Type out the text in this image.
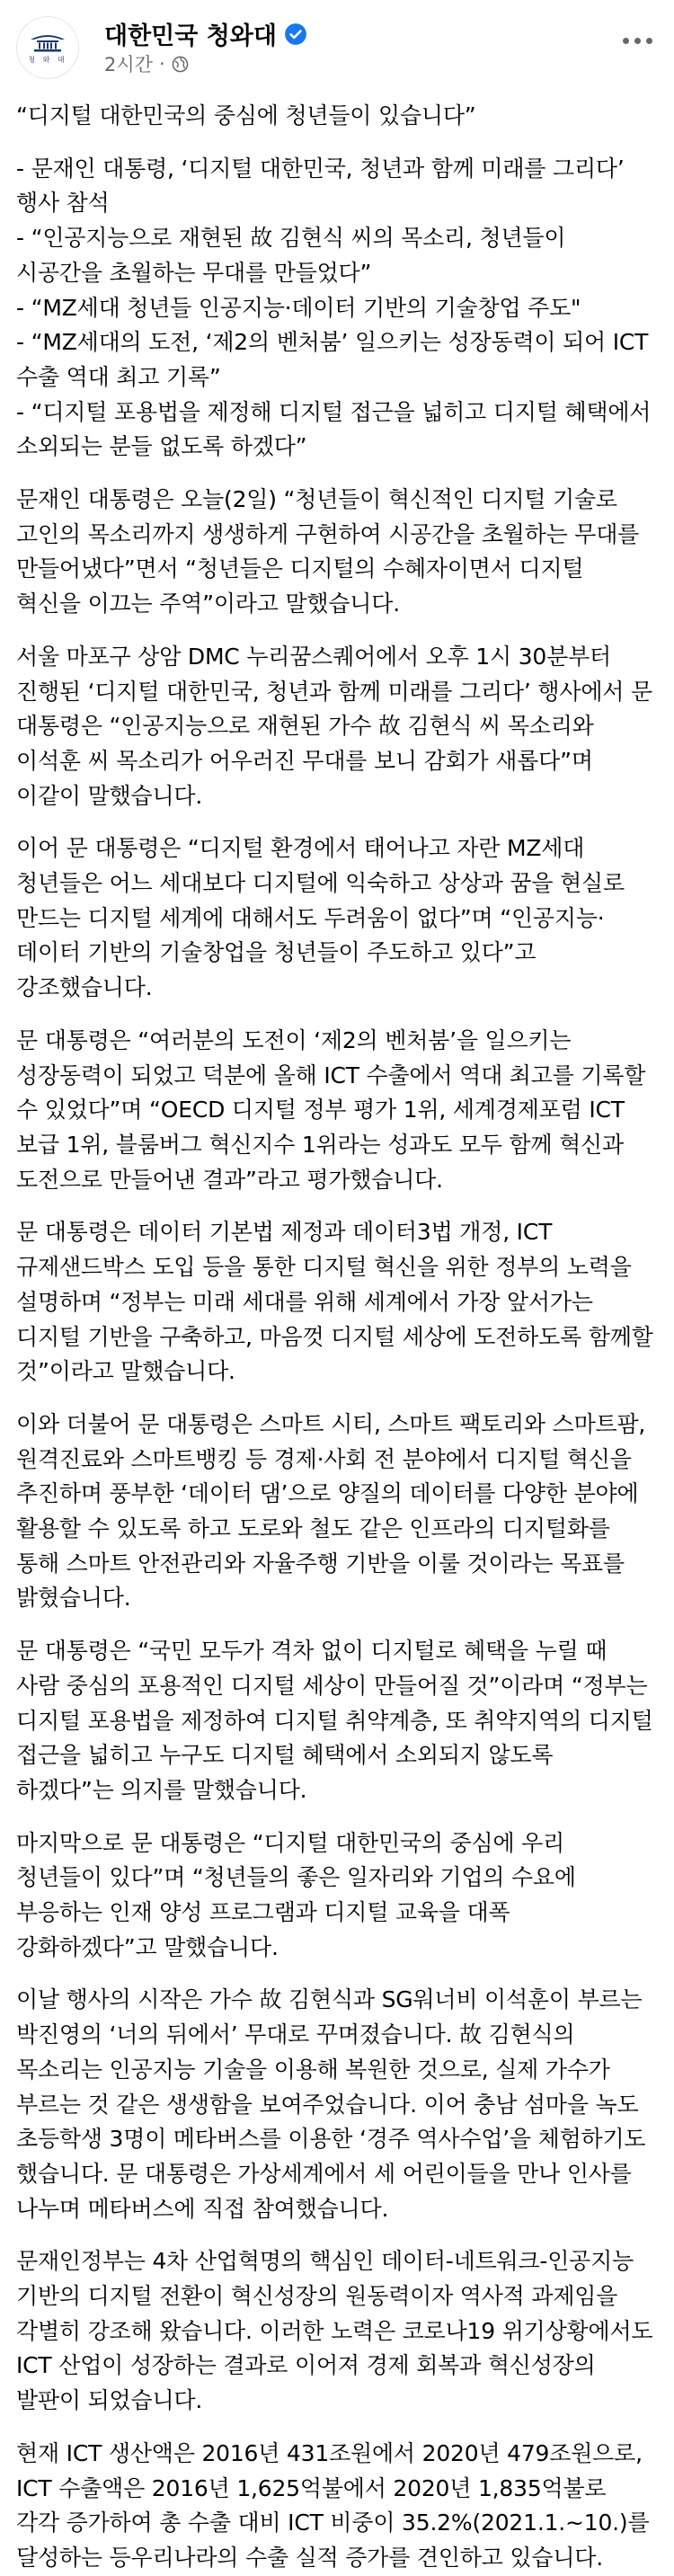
청 와 대
대한민국 청와대
2시간 ·

“디지털 대한민국의 중심에 청년들이 있습니다”

- 문재인 대통령, ‘디지털 대한민국, 청년과 함께 미래를 그리다’ 행사 참석
- “인공지능으로 재현된 故 김현식 씨의 목소리, 청년들이 시공간을 초월하는 무대를 만들었다”
- “MZ세대 청년들 인공지능·데이터 기반의 기술창업 주도"
- “MZ세대의 도전, ‘제2의 벤처붐’ 일으키는 성장동력이 되어 ICT 수출 역대 최고 기록”
- “디지털 포용법을 제정해 디지털 접근을 넓히고 디지털 혜택에서 소외되는 분들 없도록 하겠다”

문재인 대통령은 오늘(2일) “청년들이 혁신적인 디지털 기술로 고인의 목소리까지 생생하게 구현하여 시공간을 초월하는 무대를 만들어냈다”면서 “청년들은 디지털의 수혜자이면서 디지털 혁신을 이끄는 주역”이라고 말했습니다.

서울 마포구 상암 DMC 누리꿈스퀘어에서 오후 1시 30분부터 진행된 ‘디지털 대한민국, 청년과 함께 미래를 그리다’ 행사에서 문 대통령은 “인공지능으로 재현된 가수 故 김현식 씨 목소리와 이석훈 씨 목소리가 어우러진 무대를 보니 감회가 새롭다”며 이같이 말했습니다.

이어 문 대통령은 “디지털 환경에서 태어나고 자란 MZ세대 청년들은 어느 세대보다 디지털에 익숙하고 상상과 꿈을 현실로 만드는 디지털 세계에 대해서도 두려움이 없다”며 “인공지능·데이터 기반의 기술창업을 청년들이 주도하고 있다”고 강조했습니다.

문 대통령은 “여러분의 도전이 ‘제2의 벤처붐’을 일으키는 성장동력이 되었고 덕분에 올해 ICT 수출에서 역대 최고를 기록할 수 있었다”며 “OECD 디지털 정부 평가 1위, 세계경제포럼 ICT 보급 1위, 블룸버그 혁신지수 1위라는 성과도 모두 함께 혁신과 도전으로 만들어낸 결과”라고 평가했습니다.

문 대통령은 데이터 기본법 제정과 데이터3법 개정, ICT 규제샌드박스 도입 등을 통한 디지털 혁신을 위한 정부의 노력을 설명하며 “정부는 미래 세대를 위해 세계에서 가장 앞서가는 디지털 기반을 구축하고, 마음껏 디지털 세상에 도전하도록 함께할 것”이라고 말했습니다.

이와 더불어 문 대통령은 스마트 시티, 스마트 팩토리와 스마트팜, 원격진료와 스마트뱅킹 등 경제·사회 전 분야에서 디지털 혁신을 추진하며 풍부한 ‘데이터 댐’으로 양질의 데이터를 다양한 분야에 활용할 수 있도록 하고 도로와 철도 같은 인프라의 디지털화를 통해 스마트 안전관리와 자율주행 기반을 이룰 것이라는 목표를 밝혔습니다.

문 대통령은 “국민 모두가 격차 없이 디지털로 혜택을 누릴 때 사람 중심의 포용적인 디지털 세상이 만들어질 것”이라며 “정부는 디지털 포용법을 제정하여 디지털 취약계층, 또 취약지역의 디지털 접근을 넓히고 누구도 디지털 혜택에서 소외되지 않도록 하겠다”는 의지를 말했습니다.

마지막으로 문 대통령은 “디지털 대한민국의 중심에 우리 청년들이 있다”며 “청년들의 좋은 일자리와 기업의 수요에 부응하는 인재 양성 프로그램과 디지털 교육을 대폭 강화하겠다”고 말했습니다.

이날 행사의 시작은 가수 故 김현식과 SG워너비 이석훈이 부르는 박진영의 ‘너의 뒤에서’ 무대로 꾸며졌습니다. 故 김현식의 목소리는 인공지능 기술을 이용해 복원한 것으로, 실제 가수가 부르는 것 같은 생생함을 보여주었습니다. 이어 충남 섬마을 녹도 초등학생 3명이 메타버스를 이용한 ‘경주 역사수업’을 체험하기도 했습니다. 문 대통령은 가상세계에서 세 어린이들을 만나 인사를 나누며 메타버스에 직접 참여했습니다.

문재인정부는 4차 산업혁명의 핵심인 데이터-네트워크-인공지능 기반의 디지털 전환이 혁신성장의 원동력이자 역사적 과제임을 각별히 강조해 왔습니다. 이러한 노력은 코로나19 위기상황에서도 ICT 산업이 성장하는 결과로 이어져 경제 회복과 혁신성장의 발판이 되었습니다.

현재 ICT 생산액은 2016년 431조원에서 2020년 479조원으로, ICT 수출액은 2016년 1,625억불에서 2020년 1,835억불로 각각 증가하여 총 수출 대비 ICT 비중이 35.2%(2021.1.~10.)를 달성하는 등우리나라의 수출 실적 증가를 견인하고 있습니다.
